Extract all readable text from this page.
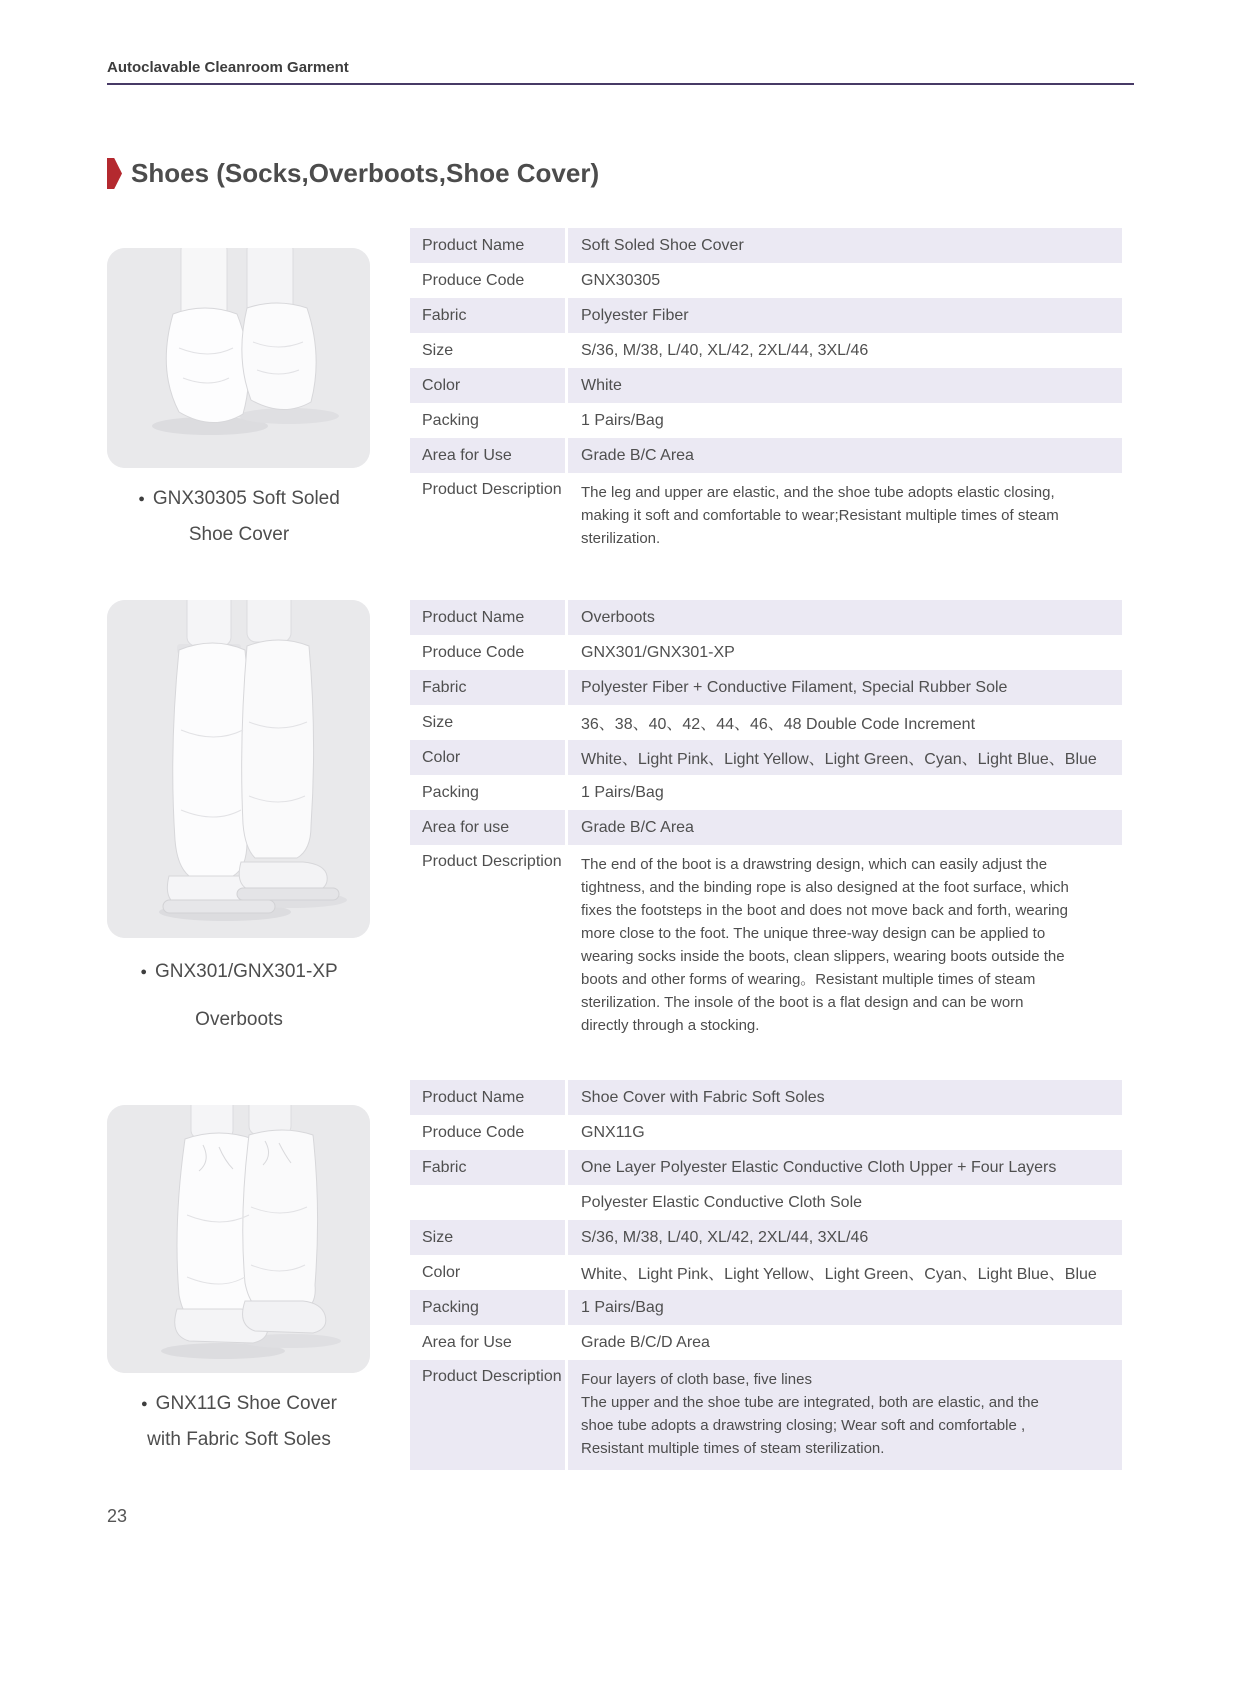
Autoclavable Cleanroom Garment
Shoes (Socks,Overboots,Shoe Cover)
● GNX30305 Soft Soled
Shoe Cover
Product Name	Soft Soled Shoe Cover
Produce Code	GNX30305
Fabric	Polyester Fiber
Size	S/36, M/38, L/40, XL/42, 2XL/44, 3XL/46
Color	White
Packing	1 Pairs/Bag
Area for Use	Grade B/C Area
Product Description	The leg and upper are elastic, and the shoe tube adopts elastic closing, making it soft and comfortable to wear;Resistant multiple times of steam sterilization.
● GNX301/GNX301-XP
Overboots
Product Name	Overboots
Produce Code	GNX301/GNX301-XP
Fabric	Polyester Fiber + Conductive Filament, Special Rubber Sole
Size	36、38、40、42、44、46、48 Double Code Increment
Color	White、Light Pink、Light Yellow、Light Green、Cyan、Light Blue、Blue
Packing	1 Pairs/Bag
Area for use	Grade B/C Area
Product Description	The end of the boot is a drawstring design, which can easily adjust the tightness, and the binding rope is also designed at the foot surface, which fixes the footsteps in the boot and does not move back and forth, wearing more close to the foot. The unique three-way design can be applied to wearing socks inside the boots, clean slippers, wearing boots outside the boots and other forms of wearing。Resistant multiple times of steam sterilization. The insole of the boot is a flat design and can be worn directly through a stocking.
● GNX11G Shoe Cover
with Fabric Soft Soles
Product Name	Shoe Cover with Fabric Soft Soles
Produce Code	GNX11G
Fabric	One Layer Polyester Elastic Conductive Cloth Upper + Four Layers
Polyester Elastic Conductive Cloth Sole
Size	S/36, M/38, L/40, XL/42, 2XL/44, 3XL/46
Color	White、Light Pink、Light Yellow、Light Green、Cyan、Light Blue、Blue
Packing	1 Pairs/Bag
Area for Use	Grade B/C/D Area
Product Description	Four layers of cloth base, five lines
The upper and the shoe tube are integrated, both are elastic, and the shoe tube adopts a drawstring closing; Wear soft and comfortable , Resistant multiple times of steam sterilization.
23
